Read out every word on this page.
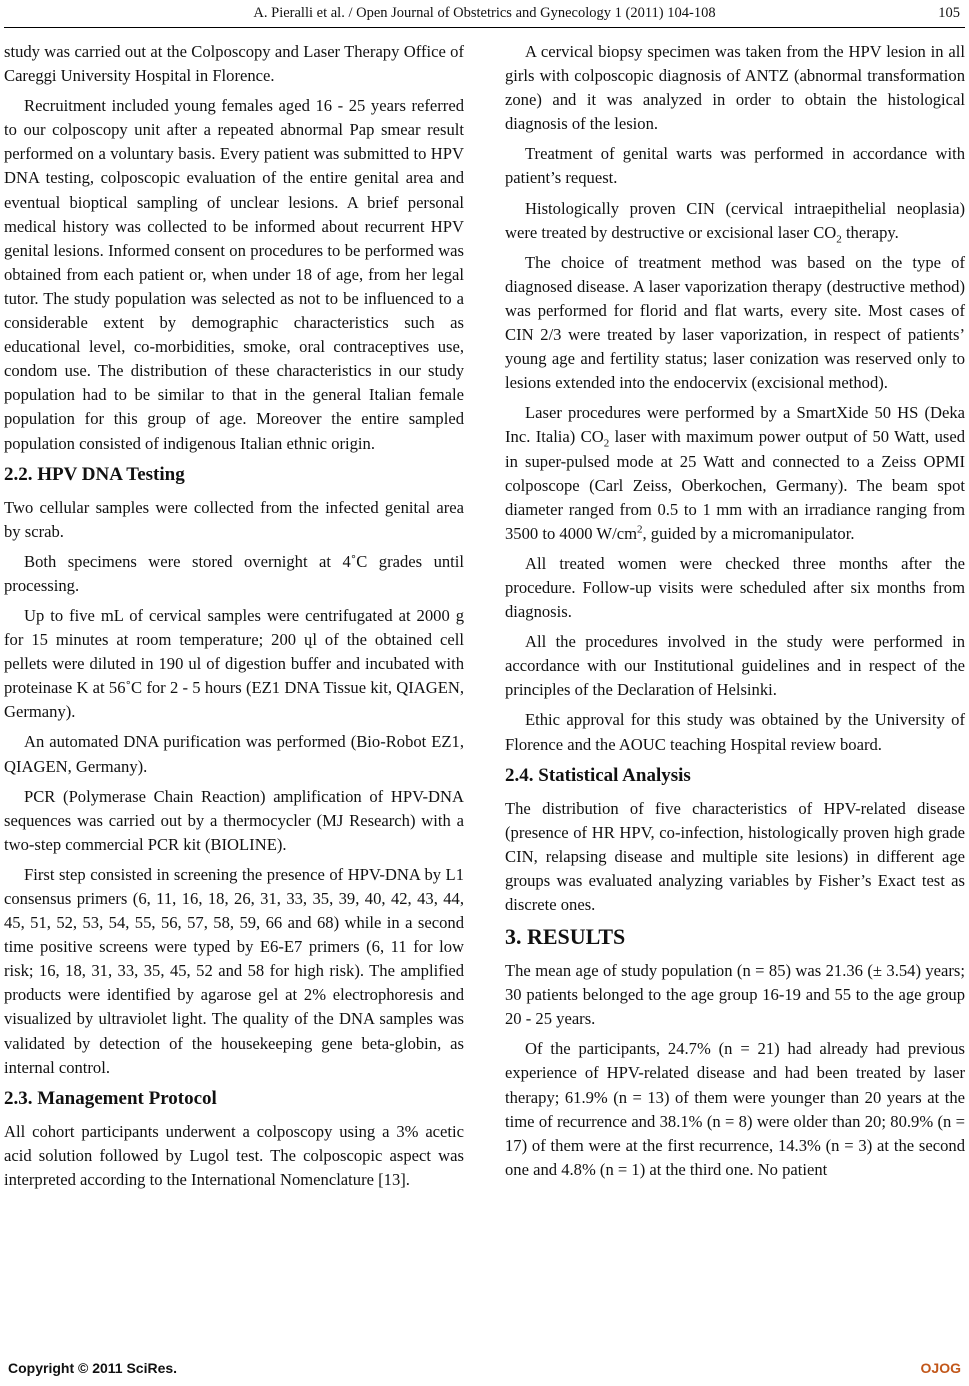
A. Pieralli et al. / Open Journal of Obstetrics and Gynecology 1 (2011) 104-108	105

study was carried out at the Colposcopy and Laser Therapy Office of Careggi University Hospital in Florence.

Recruitment included young females aged 16 - 25 years referred to our colposcopy unit after a repeated abnormal Pap smear result performed on a voluntary basis. Every patient was submitted to HPV DNA testing, colposcopic evaluation of the entire genital area and eventual bioptical sampling of unclear lesions. A brief personal medical history was collected to be informed about recurrent HPV genital lesions. Informed consent on procedures to be performed was obtained from each patient or, when under 18 of age, from her legal tutor. The study population was selected as not to be influenced to a considerable extent by demographic characteristics such as educational level, co-morbidities, smoke, oral contraceptives use, condom use. The distribution of these characteristics in our study population had to be similar to that in the general Italian female population for this group of age. Moreover the entire sampled population consisted of indigenous Italian ethnic origin.

2.2. HPV DNA Testing

Two cellular samples were collected from the infected genital area by scrab.

Both specimens were stored overnight at 4˚C grades until processing.

Up to five mL of cervical samples were centrifugated at 2000 g for 15 minutes at room temperature; 200 ųl of the obtained cell pellets were diluted in 190 ul of digestion buffer and incubated with proteinase K at 56˚C for 2 - 5 hours (EZ1 DNA Tissue kit, QIAGEN, Germany).

An automated DNA purification was performed (Bio-Robot EZ1, QIAGEN, Germany).

PCR (Polymerase Chain Reaction) amplification of HPV-DNA sequences was carried out by a thermocycler (MJ Research) with a two-step commercial PCR kit (BIOLINE).

First step consisted in screening the presence of HPV-DNA by L1 consensus primers (6, 11, 16, 18, 26, 31, 33, 35, 39, 40, 42, 43, 44, 45, 51, 52, 53, 54, 55, 56, 57, 58, 59, 66 and 68) while in a second time positive screens were typed by E6-E7 primers (6, 11 for low risk; 16, 18, 31, 33, 35, 45, 52 and 58 for high risk). The amplified products were identified by agarose gel at 2% electrophoresis and visualized by ultraviolet light. The quality of the DNA samples was validated by detection of the housekeeping gene beta-globin, as internal control.

2.3. Management Protocol

All cohort participants underwent a colposcopy using a 3% acetic acid solution followed by Lugol test. The colposcopic aspect was interpreted according to the International Nomenclature [13].

A cervical biopsy specimen was taken from the HPV lesion in all girls with colposcopic diagnosis of ANTZ (abnormal transformation zone) and it was analyzed in order to obtain the histological diagnosis of the lesion.

Treatment of genital warts was performed in accordance with patient’s request.

Histologically proven CIN (cervical intraepithelial neoplasia) were treated by destructive or excisional laser $CO_2$ therapy.

The choice of treatment method was based on the type of diagnosed disease. A laser vaporization therapy (destructive method) was performed for florid and flat warts, every site. Most cases of CIN 2/3 were treated by laser vaporization, in respect of patients’ young age and fertility status; laser conization was reserved only to lesions extended into the endocervix (excisional method).

Laser procedures were performed by a SmartXide 50 HS (Deka Inc. Italia) $CO_2$ laser with maximum power output of 50 Watt, used in super-pulsed mode at 25 Watt and connected to a Zeiss OPMI colposcope (Carl Zeiss, Oberkochen, Germany). The beam spot diameter ranged from 0.5 to 1 mm with an irradiance ranging from 3500 to 4000 $W/cm^2$, guided by a micromanipulator.

All treated women were checked three months after the procedure. Follow-up visits were scheduled after six months from diagnosis.

All the procedures involved in the study were performed in accordance with our Institutional guidelines and in respect of the principles of the Declaration of Helsinki.

Ethic approval for this study was obtained by the University of Florence and the AOUC teaching Hospital review board.

2.4. Statistical Analysis

The distribution of five characteristics of HPV-related disease (presence of HR HPV, co-infection, histologically proven high grade CIN, relapsing disease and multiple site lesions) in different age groups was evaluated analyzing variables by Fisher’s Exact test as discrete ones.

3. RESULTS

The mean age of study population (n = 85) was 21.36 (± 3.54) years; 30 patients belonged to the age group 16-19 and 55 to the age group 20 - 25 years.

Of the participants, 24.7% (n = 21) had already had previous experience of HPV-related disease and had been treated by laser therapy; 61.9% (n = 13) of them were younger than 20 years at the time of recurrence and 38.1% (n = 8) were older than 20; 80.9% (n = 17) of them were at the first recurrence, 14.3% (n = 3) at the second one and 4.8% (n = 1) at the third one. No patient

Copyright © 2011 SciRes.	OJOG
